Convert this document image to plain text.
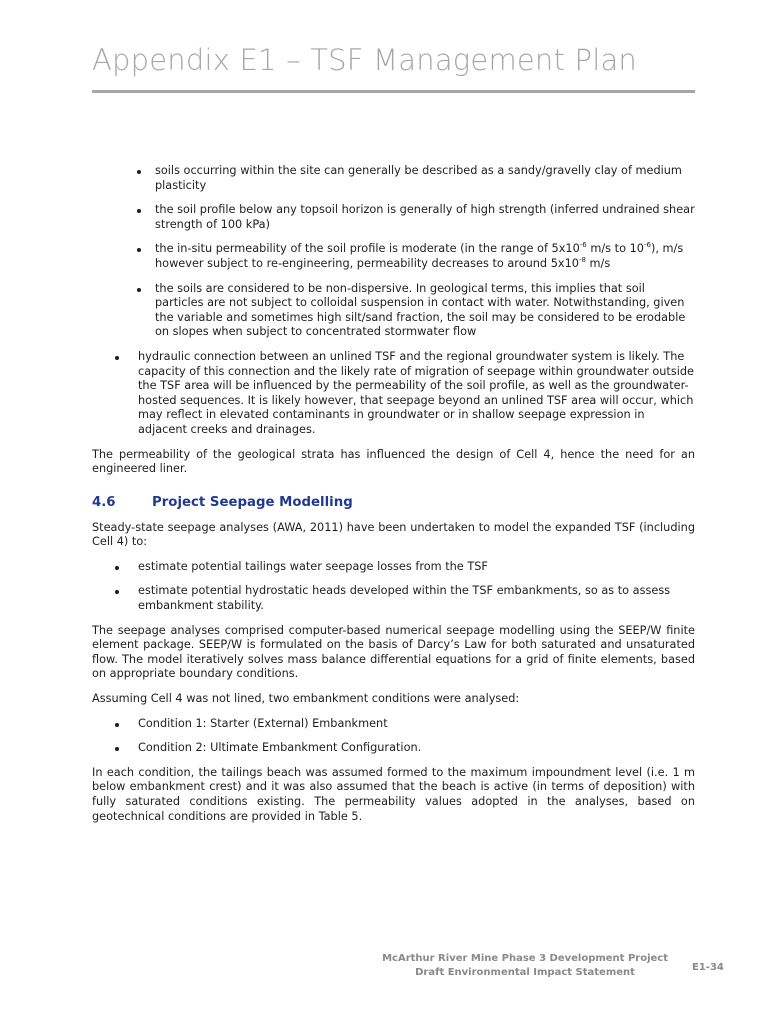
Appendix E1 – TSF Management Plan
soils occurring within the site can generally be described as a sandy/gravelly clay of medium plasticity
the soil profile below any topsoil horizon is generally of high strength (inferred undrained shear strength of 100 kPa)
the in-situ permeability of the soil profile is moderate (in the range of $5x10^{-6}$ m/s to $10^{-6}$), m/s however subject to re-engineering, permeability decreases to around $5x10^{-8}$ m/s
the soils are considered to be non-dispersive. In geological terms, this implies that soil particles are not subject to colloidal suspension in contact with water. Notwithstanding, given the variable and sometimes high silt/sand fraction, the soil may be considered to be erodable on slopes when subject to concentrated stormwater flow
hydraulic connection between an unlined TSF and the regional groundwater system is likely. The capacity of this connection and the likely rate of migration of seepage within groundwater outside the TSF area will be influenced by the permeability of the soil profile, as well as the groundwater-hosted sequences. It is likely however, that seepage beyond an unlined TSF area will occur, which may reflect in elevated contaminants in groundwater or in shallow seepage expression in adjacent creeks and drainages.

The permeability of the geological strata has influenced the design of Cell 4, hence the need for an engineered liner.

4.6	Project Seepage Modelling

Steady-state seepage analyses (AWA, 2011) have been undertaken to model the expanded TSF (including Cell 4) to:

estimate potential tailings water seepage losses from the TSF
estimate potential hydrostatic heads developed within the TSF embankments, so as to assess embankment stability.

The seepage analyses comprised computer-based numerical seepage modelling using the SEEP/W finite element package. SEEP/W is formulated on the basis of Darcy’s Law for both saturated and unsaturated flow. The model iteratively solves mass balance differential equations for a grid of finite elements, based on appropriate boundary conditions.

Assuming Cell 4 was not lined, two embankment conditions were analysed:

Condition 1: Starter (External) Embankment
Condition 2: Ultimate Embankment Configuration.

In each condition, the tailings beach was assumed formed to the maximum impoundment level (i.e. 1 m below embankment crest) and it was also assumed that the beach is active (in terms of deposition) with fully saturated conditions existing. The permeability values adopted in the analyses, based on geotechnical conditions are provided in Table 5.

McArthur River Mine Phase 3 Development Project
Draft Environmental Impact Statement	E1-34
